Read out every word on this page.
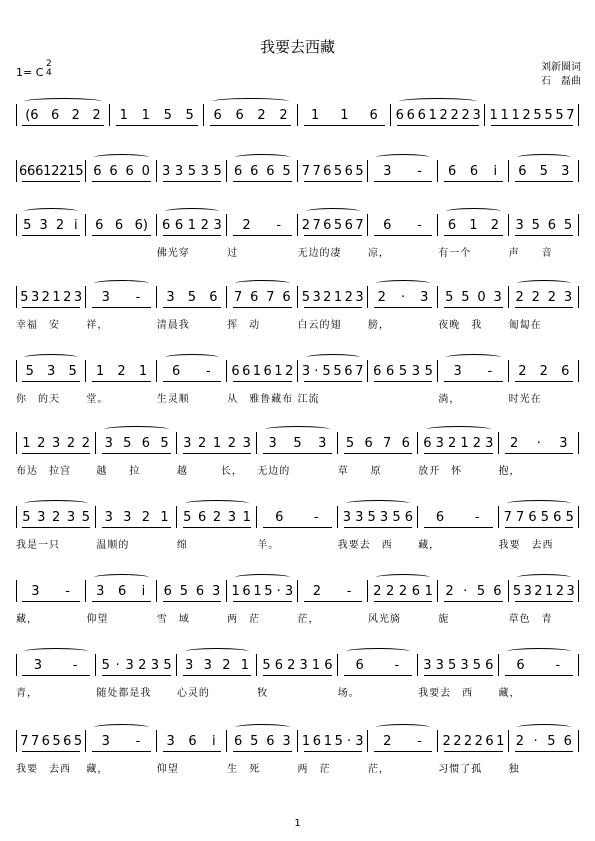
我要去西藏
1= C
2
4	刘新圈词
石　磊曲
(6 6 2 2 1 1 5 5 6 6 2 2 1 1 6 6 6 6 1 2 2 2 3 1 1 1 2 5 5 5 7
6 6 6 1 2 2 1 5 6 6 6 0 3 3 5 3 5 6 6 6 5 7 7 6 5 6 5 3 - 6 6 i 6 5 3
5 3 2 i 6 6 6) 6 6 1 2 3 2 - 2 7 6 5 6 7 6 - 6 1 2 3 5 6 5
佛光穿	过	无边的凄	凉，	有一个	声　　音
5 3 2 1 2 3 3 - 3 5 6 7 6 7 6 5 3 2 1 2 3 2 · 3 5 5 0 3 2 2 2 3
幸福　安	祥，	清晨我	挥　动	白云的翅	膀，	夜晚　我	匍匐在
5 3 5 1 2 1 6 - 6 6 1 6 1 2 3 · 5 5 6 7 6 6 5 3 5 3 - 2 2 6
你　的天	堂。	生灵顺	从　雅鲁藏布 江流	淌，	时光在
1 2 3 2 2 3 5 6 5 3 2 1 2 3 3 5 3 5 6 7 6 6 3 2 1 2 3 2 · 3
布达　拉宫	越　　拉	越　　　长，	无边的	草　　原	放开　怀	抱，
5 3 2 3 5 3 3 2 1 5 6 2 3 1 6 - 3 3 5 3 5 6 6 - 7 7 6 5 6 5
我是一只	温顺的	绵	羊。	我要去　西	藏，	我要　去西
3 - 3 6 i 6 5 6 3 1 6 1 5 · 3 2 - 2 2 2 6 1 2 · 5 6 5 3 2 1 2 3
藏，	仰望	雪　域	两　茫	茫，	风光旖	旎	草色　青
3 - 5 · 3 2 3 5 3 3 2 1 5 6 2 3 1 6 6 - 3 3 5 3 5 6 6 -
青，	随处都是我	心灵的	牧	场。	我要去　西	藏，
7 7 6 5 6 5 3 - 3 6 i 6 5 6 3 1 6 1 5 · 3 2 - 2 2 2 2 6 1 2 · 5 6
我要　去西	藏，	仰望	生　死	两　茫	茫，	习惯了孤	独
1
